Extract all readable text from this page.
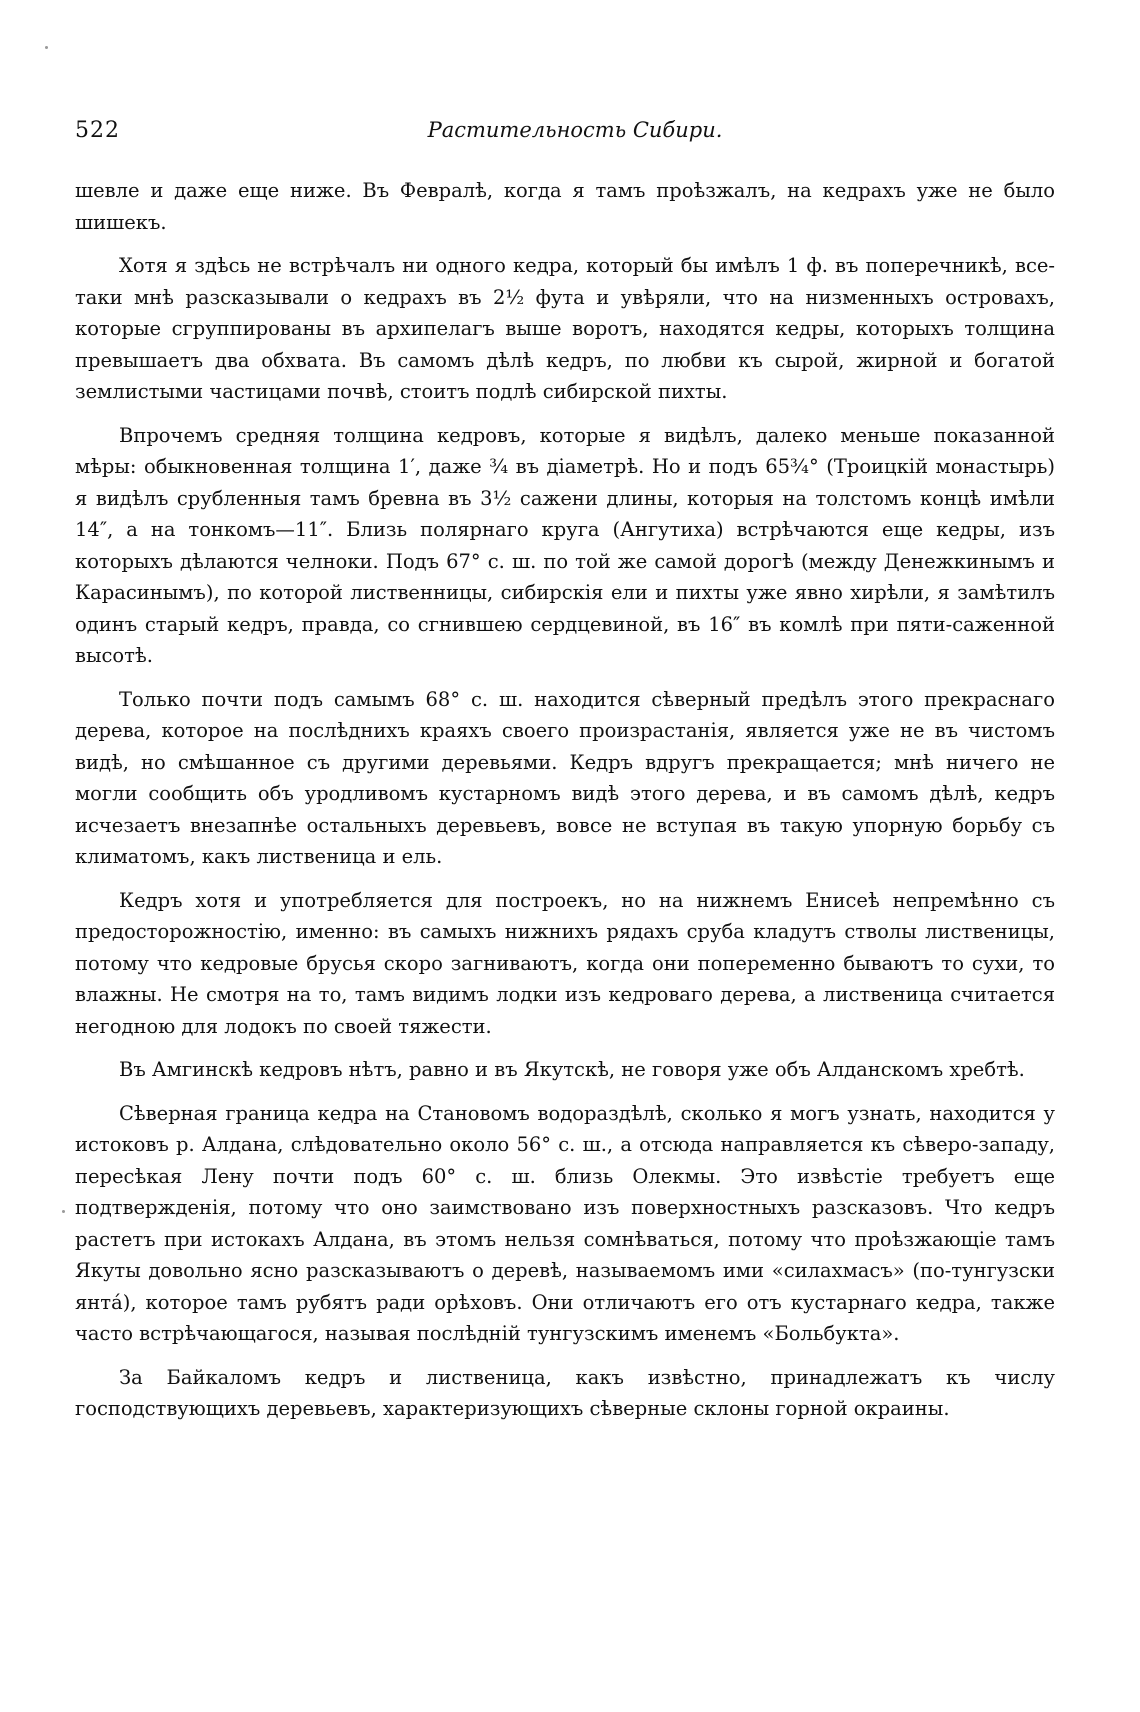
522	Растительность Сибири.

шевле и даже еще ниже. Въ Февралѣ, когда я тамъ проѣзжалъ, на кедрахъ уже не было шишекъ.

Хотя я здѣсь не встрѣчалъ ни одного кедра, который бы имѣлъ 1 ф. въ поперечникѣ, все-таки мнѣ разсказывали о кедрахъ въ 2½ фута и увѣряли, что на низменныхъ островахъ, которые сгруппированы въ архипелагъ выше воротъ, находятся кедры, которыхъ толщина превышаетъ два обхвата. Въ самомъ дѣлѣ кедръ, по любви къ сырой, жирной и богатой землистыми частицами почвѣ, стоитъ подлѣ сибирской пихты.

Впрочемъ средняя толщина кедровъ, которые я видѣлъ, далеко меньше показанной мѣры: обыкновенная толщина 1′, даже ¾ въ діаметрѣ. Но и подъ 65¾° (Троицкій монастырь) я видѣлъ срубленныя тамъ бревна въ 3½ сажени длины, которыя на толстомъ концѣ имѣли 14″, а на тонкомъ—11″. Близь полярнаго круга (Ангутиха) встрѣчаются еще кедры, изъ которыхъ дѣлаются челноки. Подъ 67° с. ш. по той же самой дорогѣ (между Денежкинымъ и Карасинымъ), по которой лиственницы, сибирскія ели и пихты уже явно хирѣли, я замѣтилъ одинъ старый кедръ, правда, со сгнившею сердцевиной, въ 16″ въ комлѣ при пяти-саженной высотѣ.

Только почти подъ самымъ 68° с. ш. находится сѣверный предѣлъ этого прекраснаго дерева, которое на послѣднихъ краяхъ своего произрастанія, является уже не въ чистомъ видѣ, но смѣшанное съ другими деревьями. Кедръ вдругъ прекращается; мнѣ ничего не могли сообщить объ уродливомъ кустарномъ видѣ этого дерева, и въ самомъ дѣлѣ, кедръ исчезаетъ внезапнѣе остальныхъ деревьевъ, вовсе не вступая въ такую упорную борьбу съ климатомъ, какъ лиственица и ель.

Кедръ хотя и употребляется для построекъ, но на нижнемъ Енисеѣ непремѣнно съ предосторожностію, именно: въ самыхъ нижнихъ рядахъ сруба кладутъ стволы лиственицы, потому что кедровые брусья скоро загниваютъ, когда они попеременно бываютъ то сухи, то влажны. Не смотря на то, тамъ видимъ лодки изъ кедроваго дерева, а лиственица считается негодною для лодокъ по своей тяжести.

Въ Амгинскѣ кедровъ нѣтъ, равно и въ Якутскѣ, не говоря уже объ Алданскомъ хребтѣ.

Сѣверная граница кедра на Становомъ водораздѣлѣ, сколько я могъ узнать, находится у истоковъ р. Алдана, слѣдовательно около 56° с. ш., а отсюда направляется къ сѣверо-западу, пересѣкая Лену почти подъ 60° с. ш. близь Олекмы. Это извѣстіе требуетъ еще подтвержденія, потому что оно заимствовано изъ поверхностныхъ разсказовъ. Что кедръ растетъ при истокахъ Алдана, въ этомъ нельзя сомнѣваться, потому что проѣзжающіе тамъ Якуты довольно ясно разсказываютъ о деревѣ, называемомъ ими «силахмасъ» (по-тунгузски янта́), которое тамъ рубятъ ради орѣховъ. Они отличаютъ его отъ кустарнаго кедра, также часто встрѣчающагося, называя послѣдній тунгузскимъ именемъ «Больбукта».

За Байкаломъ кедръ и лиственица, какъ извѣстно, принадлежатъ къ числу господствующихъ деревьевъ, характеризующихъ сѣверные склоны горной окраины.
